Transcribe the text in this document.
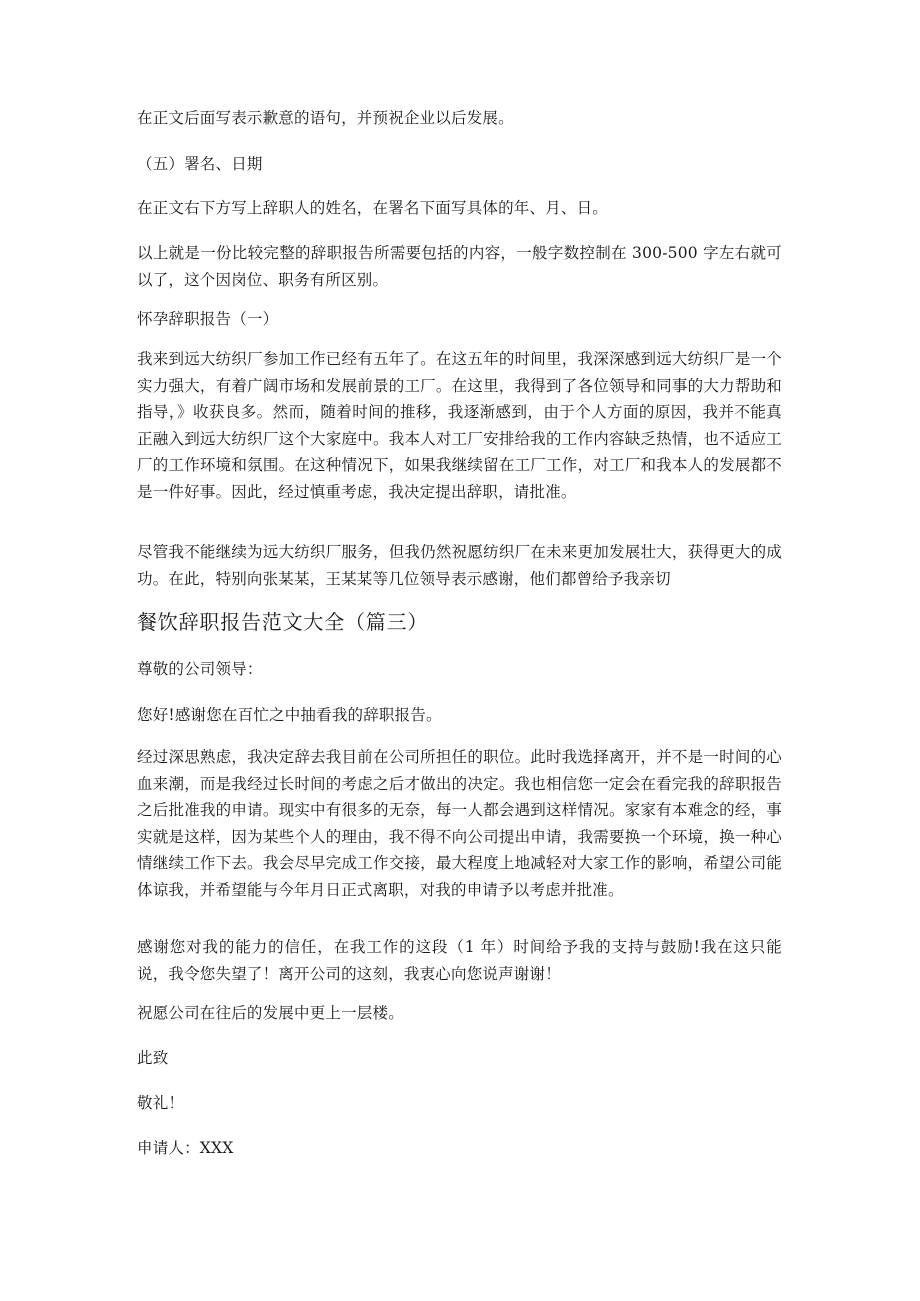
在正文后面写表示歉意的语句，并预祝企业以后发展。

（五）署名、日期

在正文右下方写上辞职人的姓名，在署名下面写具体的年、月、日。

以上就是一份比较完整的辞职报告所需要包括的内容，一般字数控制在 300-500 字左右就可以了，这个因岗位、职务有所区别。

怀孕辞职报告（一）

我来到远大纺织厂参加工作已经有五年了。在这五年的时间里，我深深感到远大纺织厂是一个实力强大，有着广阔市场和发展前景的工厂。在这里，我得到了各位领导和同事的大力帮助和指导，》收获良多。然而，随着时间的推移，我逐渐感到，由于个人方面的原因，我并不能真正融入到远大纺织厂这个大家庭中。我本人对工厂安排给我的工作内容缺乏热情，也不适应工厂的工作环境和氛围。在这种情况下，如果我继续留在工厂工作，对工厂和我本人的发展都不是一件好事。因此，经过慎重考虑，我决定提出辞职，请批准。

尽管我不能继续为远大纺织厂服务，但我仍然祝愿纺织厂在未来更加发展壮大，获得更大的成功。在此，特别向张某某，王某某等几位领导表示感谢，他们都曾给予我亲切

餐饮辞职报告范文大全（篇三）

尊敬的公司领导：

您好!感谢您在百忙之中抽看我的辞职报告。

经过深思熟虑，我决定辞去我目前在公司所担任的职位。此时我选择离开，并不是一时间的心血来潮，而是我经过长时间的考虑之后才做出的决定。我也相信您一定会在看完我的辞职报告之后批准我的申请。现实中有很多的无奈，每一人都会遇到这样情况。家家有本难念的经，事实就是这样，因为某些个人的理由，我不得不向公司提出申请，我需要换一个环境，换一种心情继续工作下去。我会尽早完成工作交接，最大程度上地减轻对大家工作的影响，希望公司能体谅我，并希望能与今年月日正式离职，对我的申请予以考虑并批准。

感谢您对我的能力的信任，在我工作的这段（1 年）时间给予我的支持与鼓励!我在这只能说，我令您失望了！离开公司的这刻，我衷心向您说声谢谢！

祝愿公司在往后的发展中更上一层楼。

此致

敬礼！

申请人：XXX
